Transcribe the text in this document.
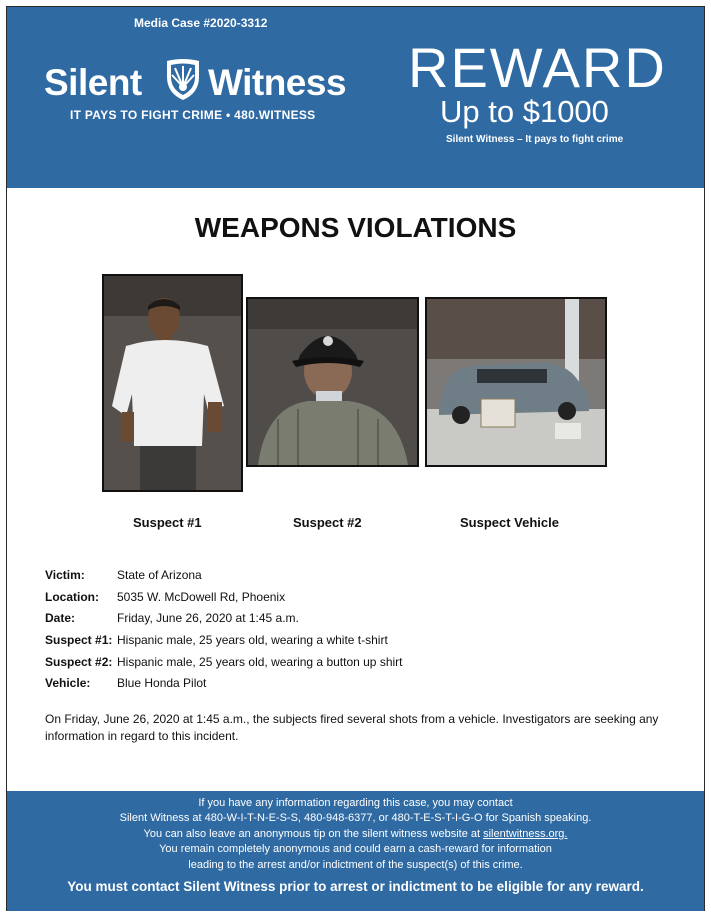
Media Case #2020-3312
Silent Witness
IT PAYS TO FIGHT CRIME • 480.WITNESS
REWARD
Up to $1000
Silent Witness – It pays to fight crime
WEAPONS VIOLATIONS
Suspect #1	Suspect #2	Suspect Vehicle
Victim:	State of Arizona
Location: 5035 W. McDowell Rd, Phoenix
Date:	Friday, June 26, 2020 at 1:45 a.m.
Suspect #1: Hispanic male, 25 years old, wearing a white t-shirt
Suspect #2: Hispanic male, 25 years old, wearing a button up shirt
Vehicle: Blue Honda Pilot
On Friday, June 26, 2020 at 1:45 a.m., the subjects fired several shots from a vehicle. Investigators are seeking any information in regard to this incident.
If you have any information regarding this case, you may contact
Silent Witness at 480-W-I-T-N-E-S-S, 480-948-6377, or 480-T-E-S-T-I-G-O for Spanish speaking.
You can also leave an anonymous tip on the silent witness website at silentwitness.org.
You remain completely anonymous and could earn a cash-reward for information
leading to the arrest and/or indictment of the suspect(s) of this crime.
You must contact Silent Witness prior to arrest or indictment to be eligible for any reward.
